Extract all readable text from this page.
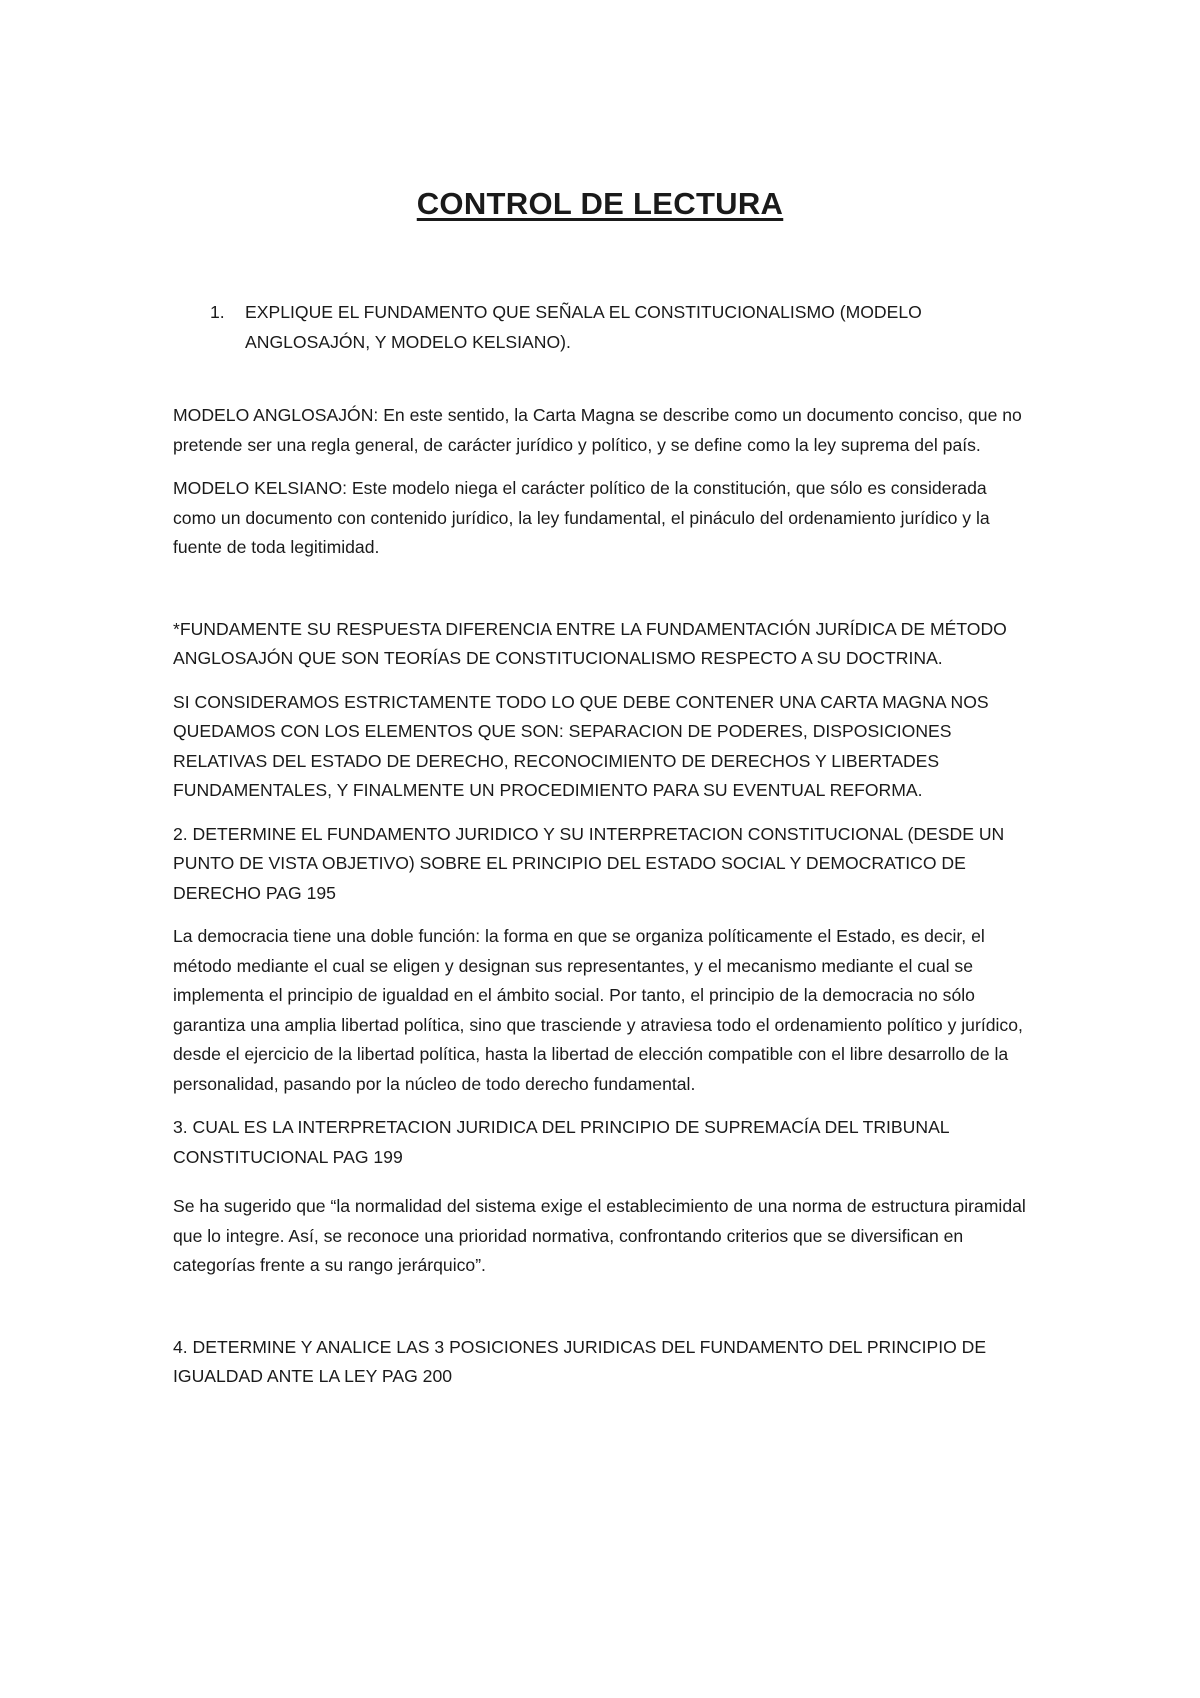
CONTROL DE LECTURA
1.	EXPLIQUE EL FUNDAMENTO QUE SEÑALA EL CONSTITUCIONALISMO (MODELO ANGLOSAJÓN, Y MODELO KELSIANO).

MODELO ANGLOSAJÓN: En este sentido, la Carta Magna se describe como un documento conciso, que no pretende ser una regla general, de carácter jurídico y político, y se define como la ley suprema del país.

MODELO KELSIANO: Este modelo niega el carácter político de la constitución, que sólo es considerada como un documento con contenido jurídico, la ley fundamental, el pináculo del ordenamiento jurídico y la fuente de toda legitimidad.

*FUNDAMENTE SU RESPUESTA DIFERENCIA ENTRE LA FUNDAMENTACIÓN JURÍDICA DE MÉTODO ANGLOSAJÓN QUE SON TEORÍAS DE CONSTITUCIONALISMO RESPECTO A SU DOCTRINA.

SI CONSIDERAMOS ESTRICTAMENTE TODO LO QUE DEBE CONTENER UNA CARTA MAGNA NOS QUEDAMOS CON LOS ELEMENTOS QUE SON: SEPARACION DE PODERES, DISPOSICIONES RELATIVAS DEL ESTADO DE DERECHO, RECONOCIMIENTO DE DERECHOS Y LIBERTADES FUNDAMENTALES, Y FINALMENTE UN PROCEDIMIENTO PARA SU EVENTUAL REFORMA.

2. DETERMINE EL FUNDAMENTO JURIDICO Y SU INTERPRETACION CONSTITUCIONAL (DESDE UN PUNTO DE VISTA OBJETIVO) SOBRE EL PRINCIPIO DEL ESTADO SOCIAL Y DEMOCRATICO DE DERECHO PAG 195

La democracia tiene una doble función: la forma en que se organiza políticamente el Estado, es decir, el método mediante el cual se eligen y designan sus representantes, y el mecanismo mediante el cual se implementa el principio de igualdad en el ámbito social. Por tanto, el principio de la democracia no sólo garantiza una amplia libertad política, sino que trasciende y atraviesa todo el ordenamiento político y jurídico, desde el ejercicio de la libertad política, hasta la libertad de elección compatible con el libre desarrollo de la personalidad, pasando por la núcleo de todo derecho fundamental.

3. CUAL ES LA INTERPRETACION JURIDICA DEL PRINCIPIO DE SUPREMACÍA DEL TRIBUNAL CONSTITUCIONAL PAG 199

Se ha sugerido que “la normalidad del sistema exige el establecimiento de una norma de estructura piramidal que lo integre. Así, se reconoce una prioridad normativa, confrontando criterios que se diversifican en categorías frente a su rango jerárquico”.

4. DETERMINE Y ANALICE LAS 3 POSICIONES JURIDICAS DEL FUNDAMENTO DEL PRINCIPIO DE IGUALDAD ANTE LA LEY PAG 200
